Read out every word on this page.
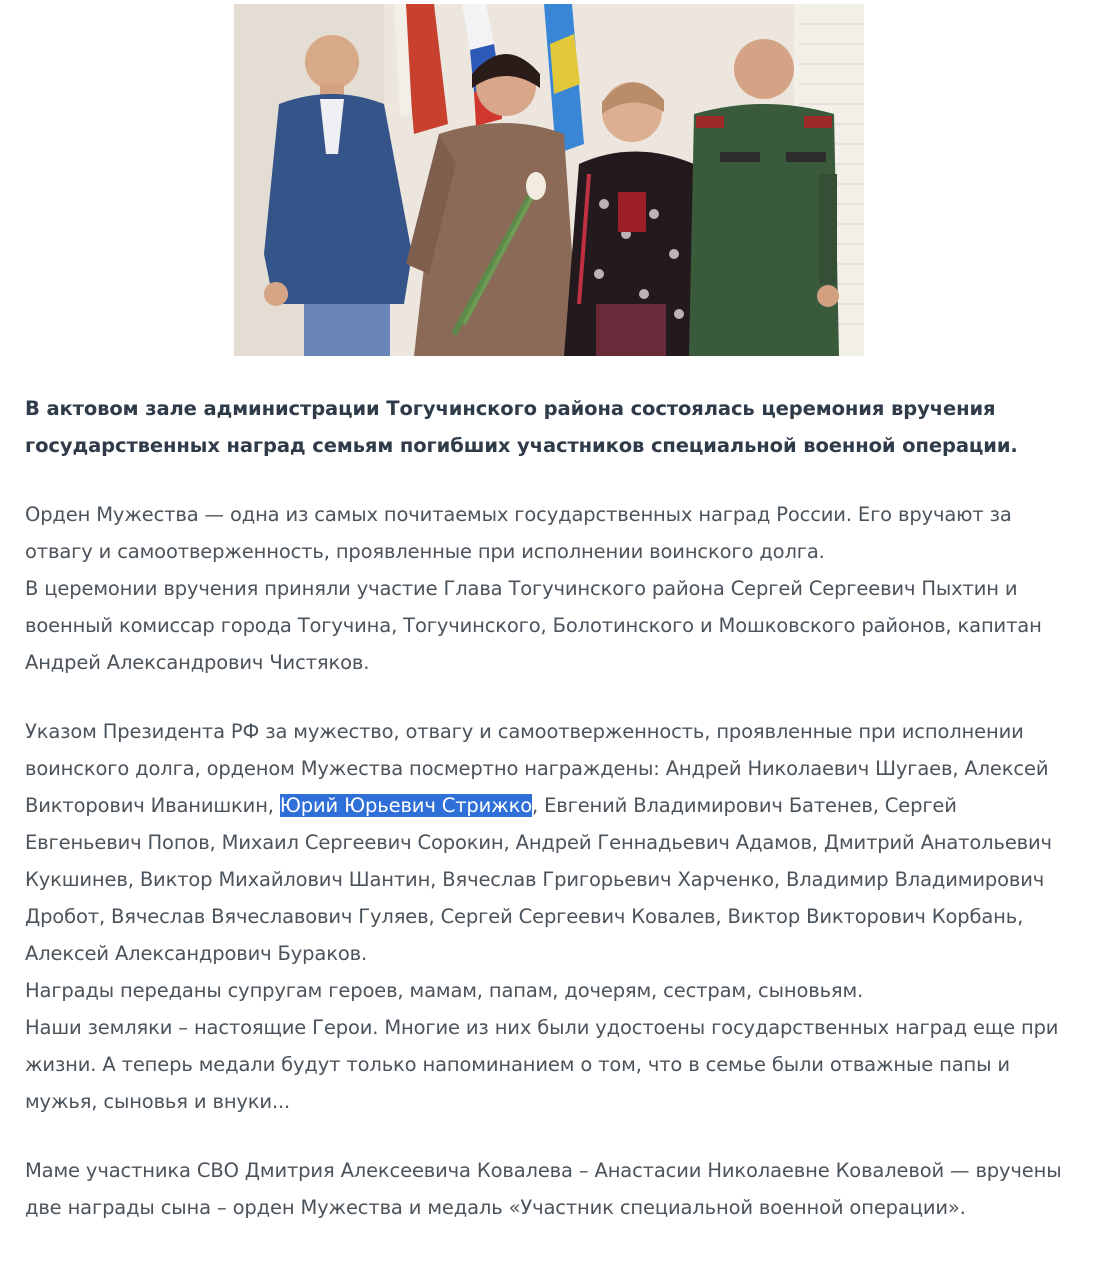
В актовом зале администрации Тогучинского района состоялась церемония вручения государственных наград семьям погибших участников специальной военной операции.

Орден Мужества — одна из самых почитаемых государственных наград России. Его вручают за отвагу и самоотверженность, проявленные при исполнении воинского долга.

В церемонии вручения приняли участие Глава Тогучинского района Сергей Сергеевич Пыхтин и военный комиссар города Тогучина, Тогучинского, Болотинского и Мошковского районов, капитан Андрей Александрович Чистяков.

Указом Президента РФ за мужество, отвагу и самоотверженность, проявленные при исполнении воинского долга, орденом Мужества посмертно награждены: Андрей Николаевич Шугаев, Алексей Викторович Иванишкин, Юрий Юрьевич Стрижко, Евгений Владимирович Батенев, Сергей Евгеньевич Попов, Михаил Сергеевич Сорокин, Андрей Геннадьевич Адамов, Дмитрий Анатольевич Кукшинев, Виктор Михайлович Шантин, Вячеслав Григорьевич Харченко, Владимир Владимирович Дробот, Вячеслав Вячеславович Гуляев, Сергей Сергеевич Ковалев, Виктор Викторович Корбань, Алексей Александрович Бураков.

Награды переданы супругам героев, мамам, папам, дочерям, сестрам, сыновьям.

Наши земляки – настоящие Герои. Многие из них были удостоены государственных наград еще при жизни. А теперь медали будут только напоминанием о том, что в семье были отважные папы и мужья, сыновья и внуки...

Маме участника СВО Дмитрия Алексеевича Ковалева – Анастасии Николаевне Ковалевой — вручены две награды сына – орден Мужества и медаль «Участник специальной военной операции».
